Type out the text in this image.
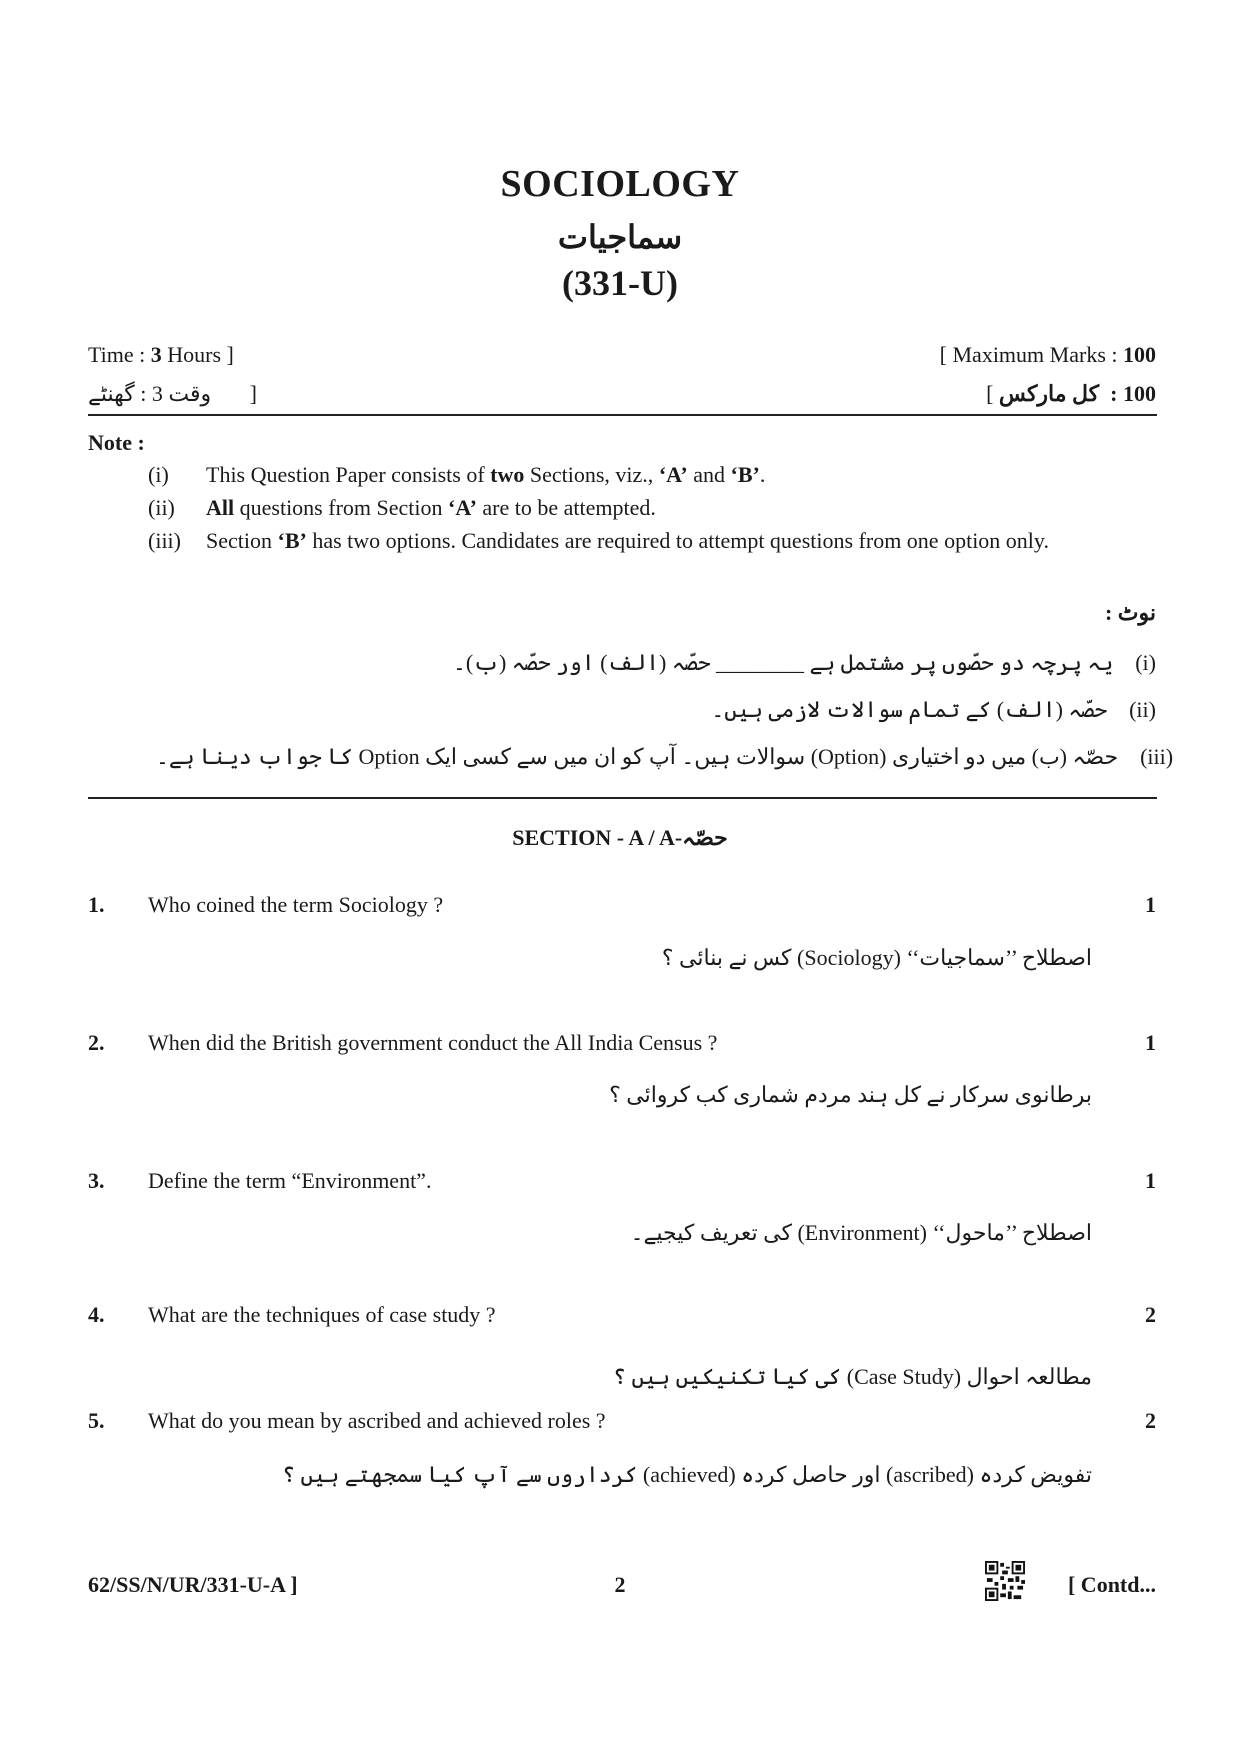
SOCIOLOGY
سماجیات
(331-U)
Time : 3 Hours ]	[ Maximum Marks : 100
وقت 3 : گھنٹے ]	[ کل مارکس : 100
Note :
(i)	This Question Paper consists of two Sections, viz., ‘A’ and ‘B’.
(ii)	All questions from Section ‘A’ are to be attempted.
(iii)	Section ‘B’ has two options. Candidates are required to attempt questions from one option only.
نوٹ :
یہ پرچہ دو حصّوں پر مشتمل ہے ________ حصّہ (الف) اور حصّہ (ب)۔ (i)
حصّہ (الف) کے تمام سوالات لازمی ہیں۔ (ii)
حصّہ (ب) میں دو اختیاری (Option) سوالات ہیں۔ آپ کو ان میں سے کسی ایک Option کا جواب دینا ہے۔ (iii)
SECTION - A / A-حصّہ
1. Who coined the term Sociology ?	1
اصطلاح ’’سماجیات‘‘ (Sociology) کس نے بنائی ؟
2. When did the British government conduct the All India Census ?	1
برطانوی سرکار نے کل ہند مردم شماری کب کروائی ؟
3. Define the term “Environment”.	1
اصطلاح ’’ماحول‘‘ (Environment) کی تعریف کیجیے۔
4. What are the techniques of case study ?	2
مطالعہ احوال (Case Study) کی کیا تکنیکیں ہیں ؟
5. What do you mean by ascribed and achieved roles ?	2
تفویض کردہ (ascribed) اور حاصل کردہ (achieved) کرداروں سے آپ کیا سمجھتے ہیں ؟
62/SS/N/UR/331-U-A ]	2	[ Contd...
